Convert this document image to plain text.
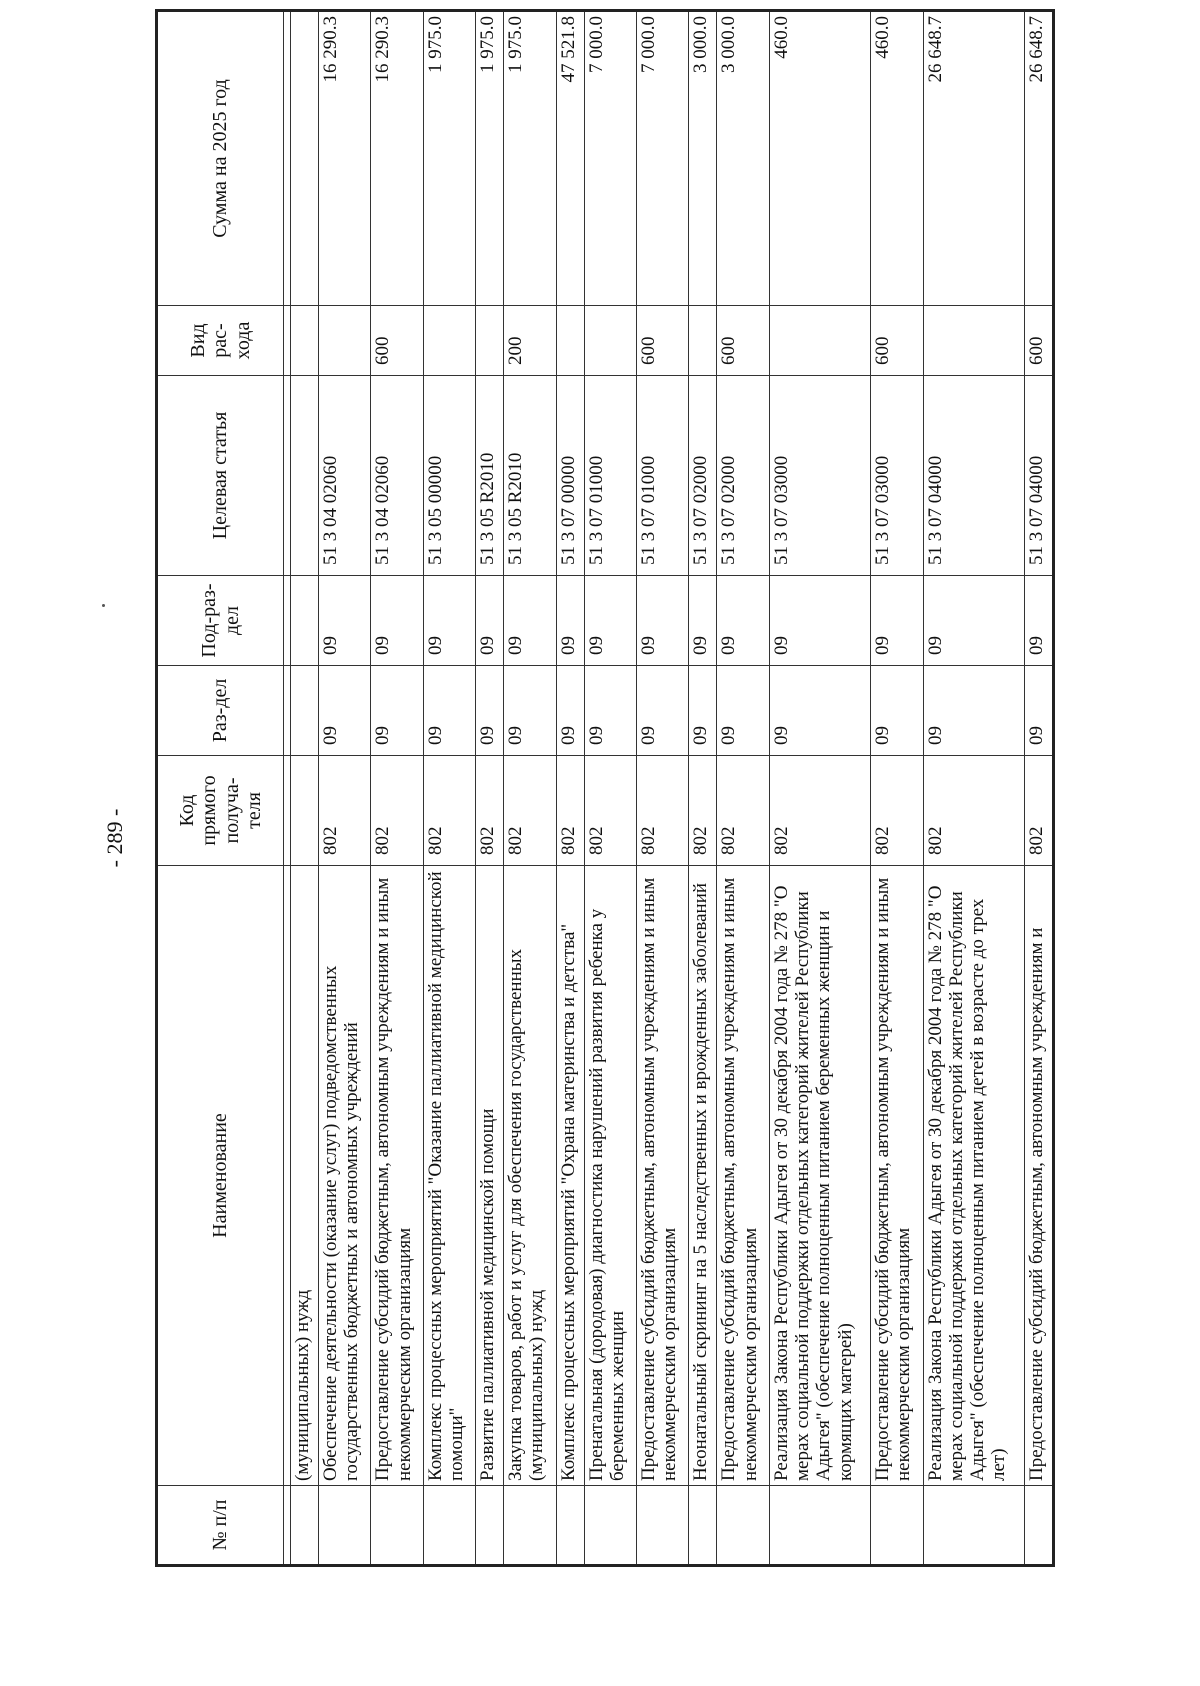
- 289 -
№ п/п	Наименование	Код прямого получа-теля	Раз-дел	Под-раз-дел	Целевая статья	Вид рас-хода	Сумма на 2025 год

	(муниципальных) нужд						
	Обеспечение деятельности (оказание услуг) подведомственных государственных бюджетных и автономных учреждений	802	09	09	51 3 04 02060		16 290.3
	Предоставление субсидий бюджетным, автономным учреждениям и иным некоммерческим организациям	802	09	09	51 3 04 02060	600	16 290.3
	Комплекс процессных мероприятий "Оказание паллиативной медицинской помощи"	802	09	09	51 3 05 00000		1 975.0
	Развитие паллиативной медицинской помощи	802	09	09	51 3 05 R2010		1 975.0
	Закупка товаров, работ и услуг для обеспечения государственных (муниципальных) нужд	802	09	09	51 3 05 R2010	200	1 975.0
	Комплекс процессных мероприятий "Охрана материнства и детства"	802	09	09	51 3 07 00000		47 521.8
	Пренатальная (дородовая) диагностика нарушений развития ребенка у беременных женщин	802	09	09	51 3 07 01000		7 000.0
	Предоставление субсидий бюджетным, автономным учреждениям и иным некоммерческим организациям	802	09	09	51 3 07 01000	600	7 000.0
	Неонатальный скрининг на 5 наследственных и врожденных заболеваний	802	09	09	51 3 07 02000		3 000.0
	Предоставление субсидий бюджетным, автономным учреждениям и иным некоммерческим организациям	802	09	09	51 3 07 02000	600	3 000.0
	Реализация Закона Республики Адыгея от 30 декабря 2004 года № 278 "О мерах социальной поддержки отдельных категорий жителей Республики Адыгея" (обеспечение полноценным питанием беременных женщин и кормящих матерей)	802	09	09	51 3 07 03000		460.0
	Предоставление субсидий бюджетным, автономным учреждениям и иным некоммерческим организациям	802	09	09	51 3 07 03000	600	460.0
	Реализация Закона Республики Адыгея от 30 декабря 2004 года № 278 "О мерах социальной поддержки отдельных категорий жителей Республики Адыгея" (обеспечение полноценным питанием детей в возрасте до трех лет)	802	09	09	51 3 07 04000		26 648.7
	Предоставление субсидий бюджетным, автономным учреждениям и	802	09	09	51 3 07 04000	600	26 648.7
